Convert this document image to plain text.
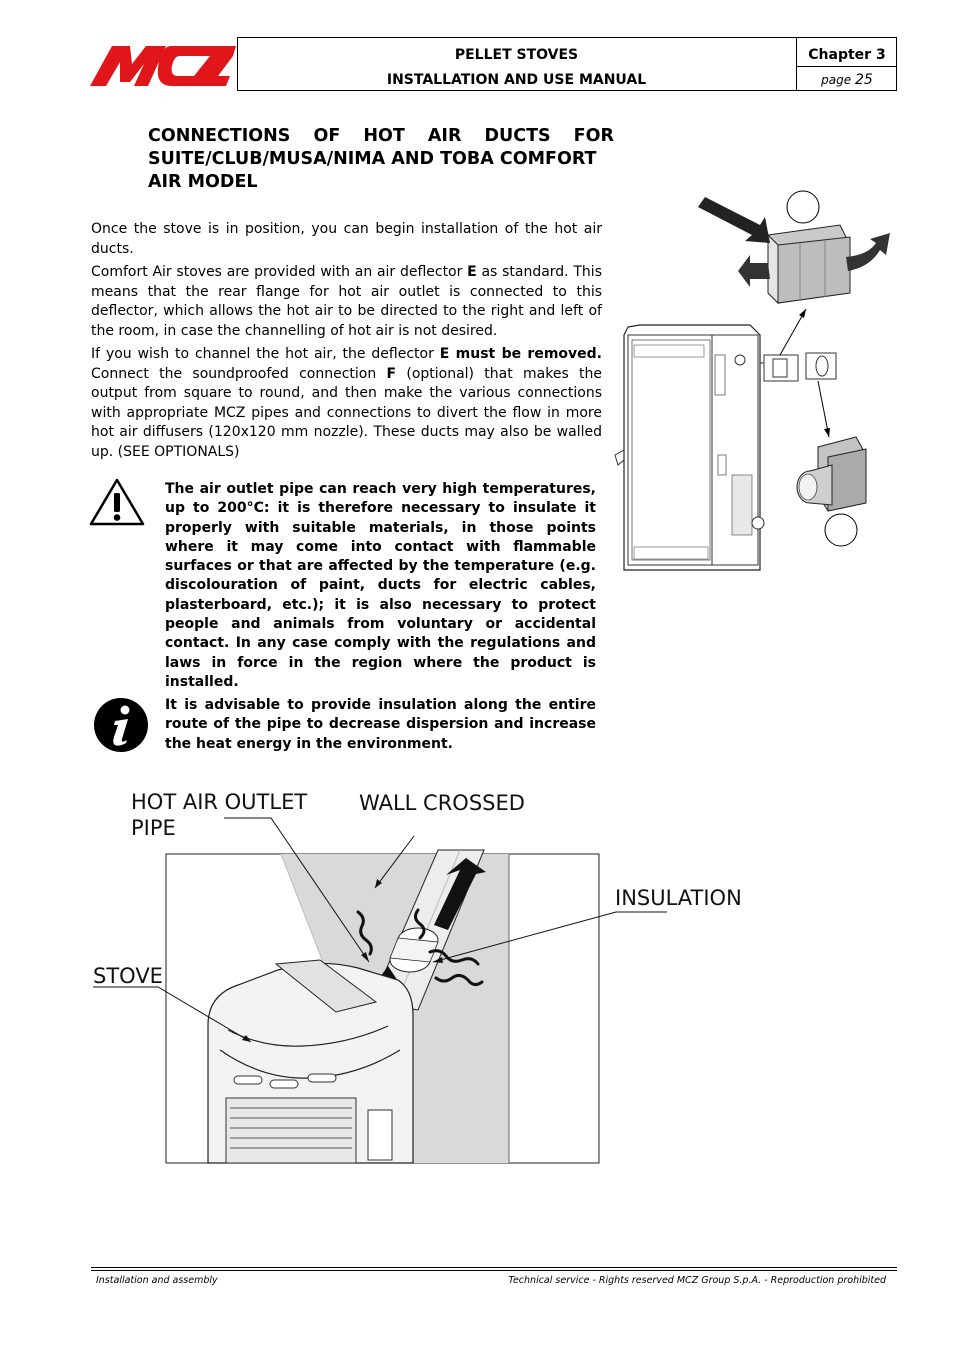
PELLET STOVES
INSTALLATION AND USE MANUAL
Chapter 3
page 25
CONNECTIONS OF HOT AIR DUCTS FOR
SUITE/CLUB/MUSA/NIMA AND TOBA COMFORT
AIR MODEL
Once the stove is in position, you can begin installation of the hot air ducts.
Comfort Air stoves are provided with an air deflector E as standard. This means that the rear flange for hot air outlet is connected to this deflector, which allows the hot air to be directed to the right and left of the room, in case the channelling of hot air is not desired.
If you wish to channel the hot air, the deflector E must be removed. Connect the soundproofed connection F (optional) that makes the output from square to round, and then make the various connections with appropriate MCZ pipes and connections to divert the flow in more hot air diffusers (120x120 mm nozzle). These ducts may also be walled up. (SEE OPTIONALS)
The air outlet pipe can reach very high temperatures, up to 200°C: it is therefore necessary to insulate it properly with suitable materials, in those points where it may come into contact with flammable surfaces or that are affected by the temperature (e.g. discolouration of paint, ducts for electric cables, plasterboard, etc.); it is also necessary to protect people and animals from voluntary or accidental contact. In any case comply with the regulations and laws in force in the region where the product is installed.
It is advisable to provide insulation along the entire route of the pipe to decrease dispersion and increase the heat energy in the environment.
HOT AIR OUTLET PIPE
WALL CROSSED
INSULATION
STOVE
Installation and assembly	Technical service - Rights reserved MCZ Group S.p.A. - Reproduction prohibited
